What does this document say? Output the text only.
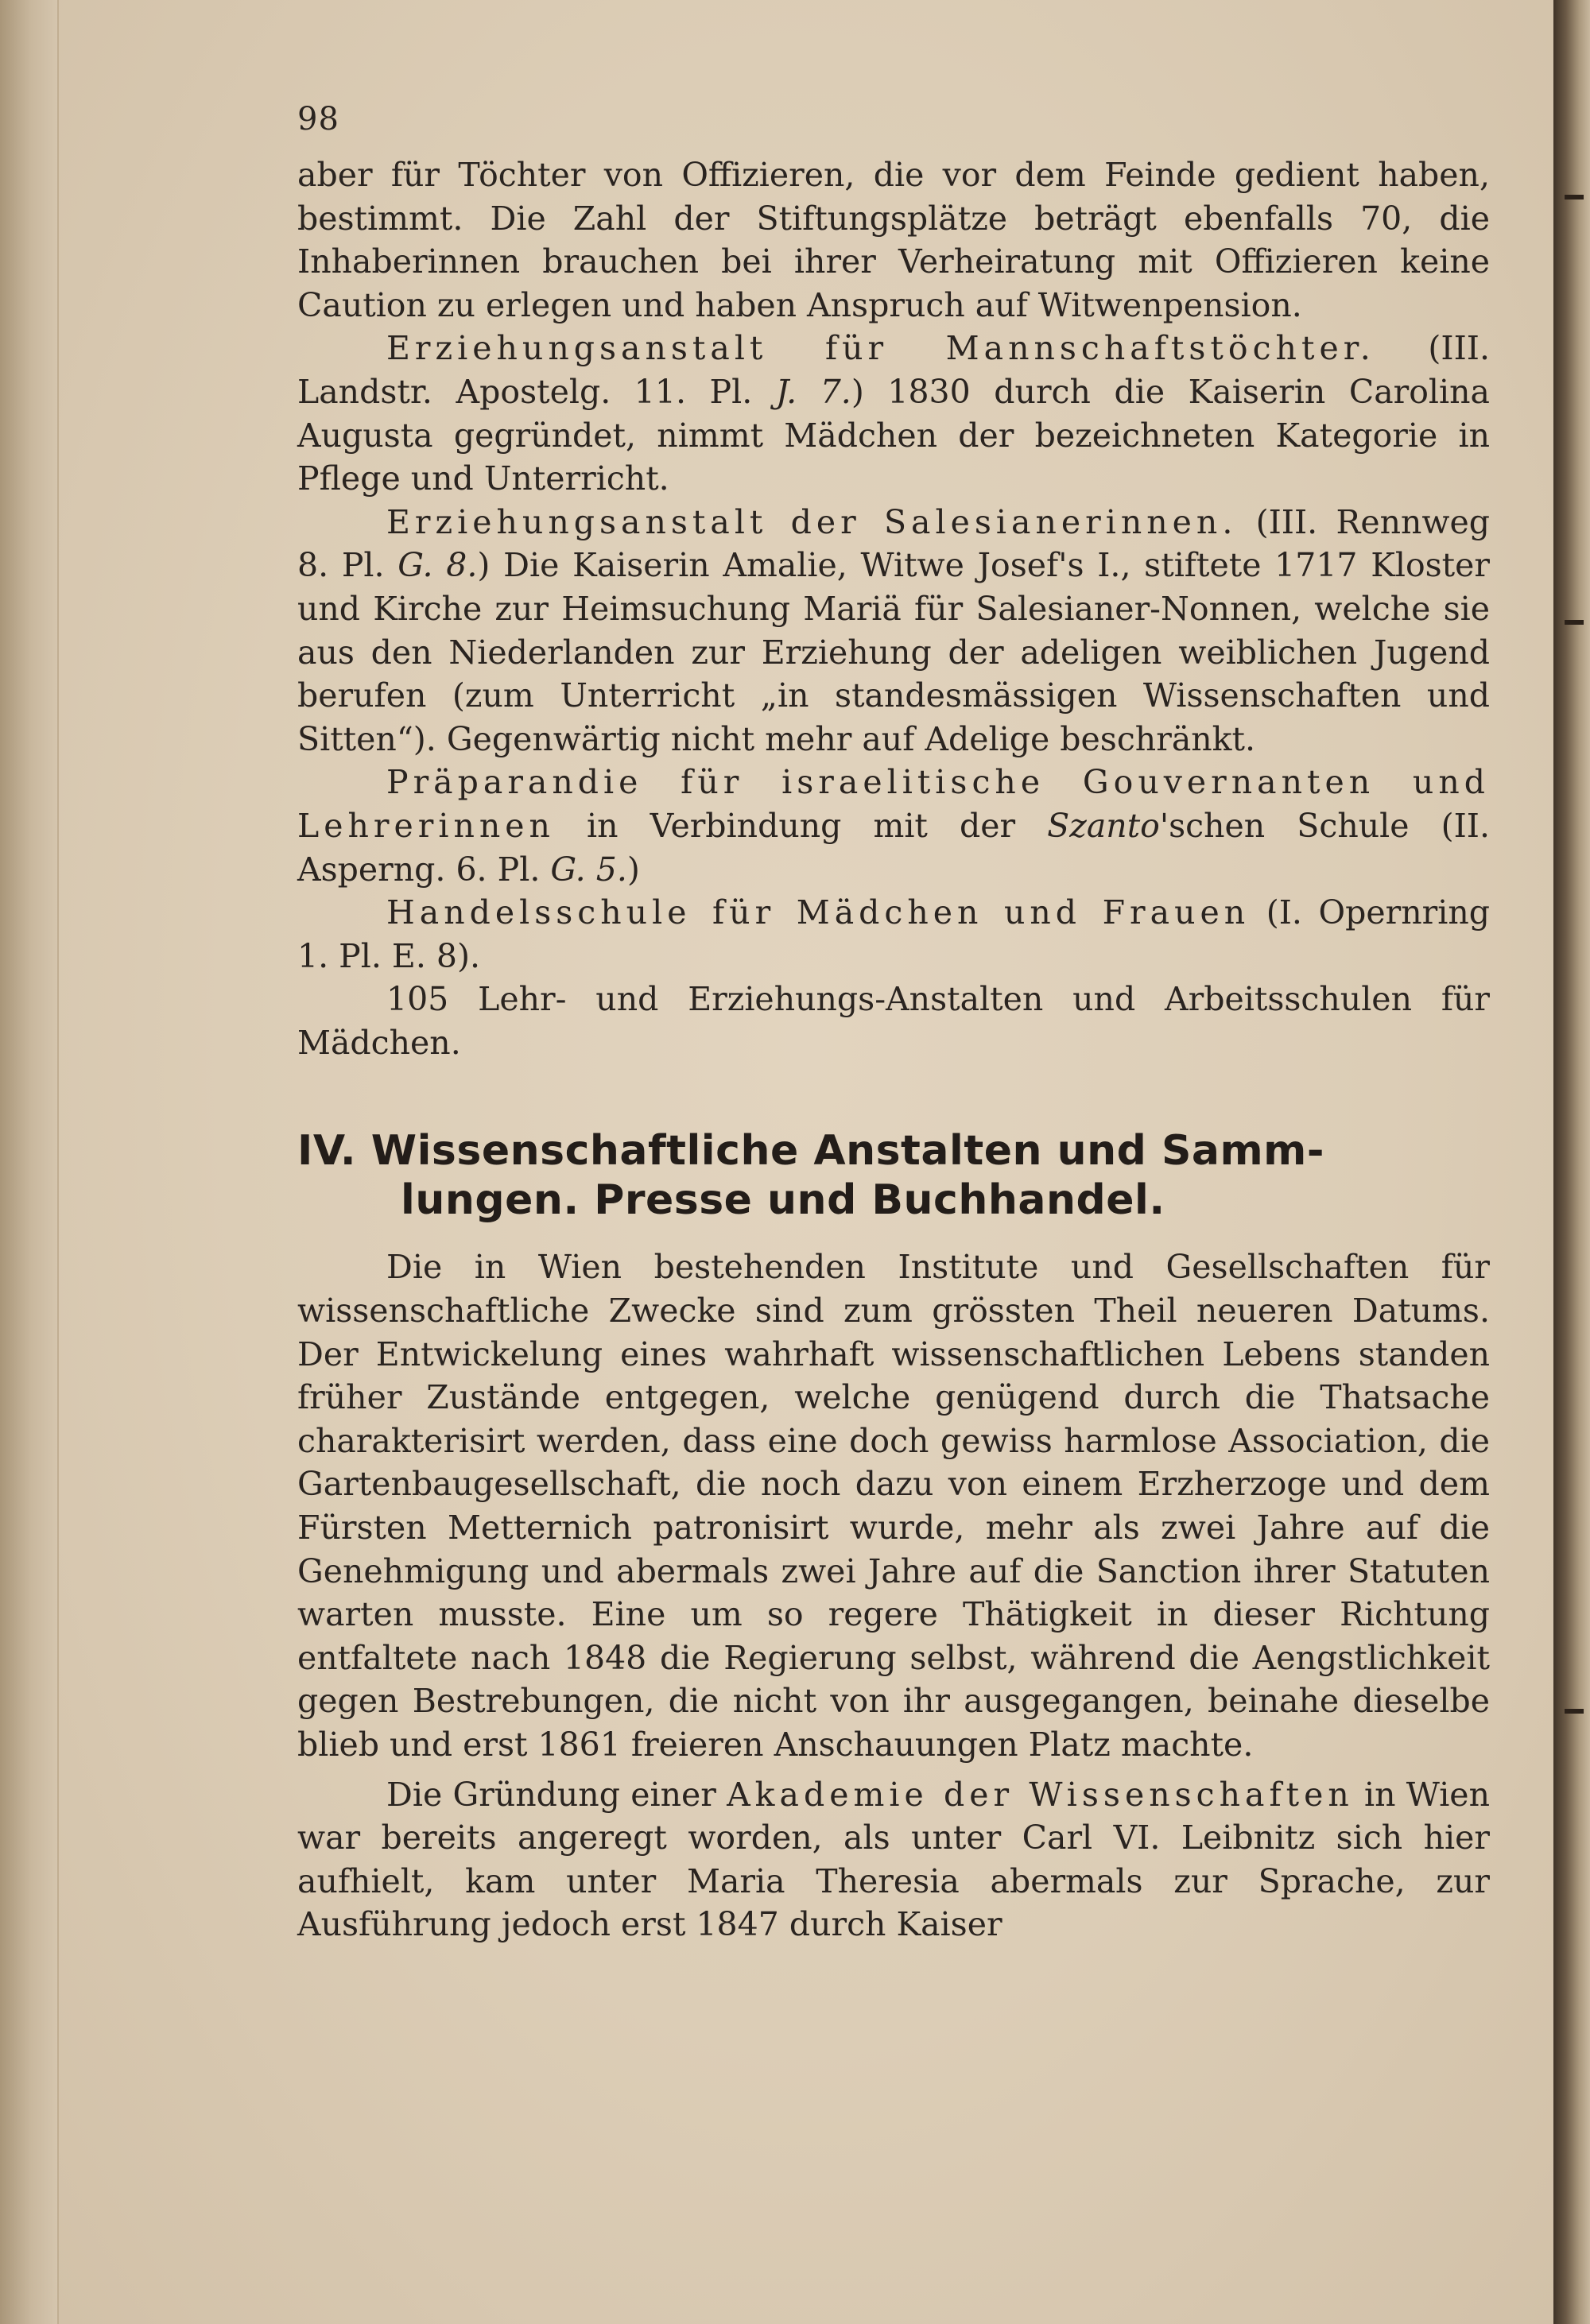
98

aber für Töchter von Offizieren, die vor dem Feinde gedient haben, bestimmt. Die Zahl der Stiftungsplätze beträgt ebenfalls 70, die Inhaberinnen brauchen bei ihrer Verheiratung mit Offizieren keine Caution zu erlegen und haben Anspruch auf Witwenpension.

Erziehungsanstalt für Mannschaftstöchter. (III. Landstr. Apostelg. 11. Pl. J. 7.) 1830 durch die Kaiserin Carolina Augusta gegründet, nimmt Mädchen der bezeichneten Kategorie in Pflege und Unterricht.

Erziehungsanstalt der Salesianerinnen. (III. Rennweg 8. Pl. G. 8.) Die Kaiserin Amalie, Witwe Josef's I., stiftete 1717 Kloster und Kirche zur Heimsuchung Mariä für Salesianer-Nonnen, welche sie aus den Niederlanden zur Erziehung der adeligen weiblichen Jugend berufen (zum Unterricht „in standesmässigen Wissenschaften und Sitten“). Gegenwärtig nicht mehr auf Adelige beschränkt.

Präparandie für israelitische Gouvernanten und Lehrerinnen in Verbindung mit der Szanto'schen Schule (II. Asperng. 6. Pl. G. 5.)

Handelsschule für Mädchen und Frauen (I. Opernring 1. Pl. E. 8).

105 Lehr- und Erziehungs-Anstalten und Arbeitsschulen für Mädchen.

IV. Wissenschaftliche Anstalten und Samm-
lungen. Presse und Buchhandel.

Die in Wien bestehenden Institute und Gesellschaften für wissenschaftliche Zwecke sind zum grössten Theil neueren Datums. Der Entwickelung eines wahrhaft wissenschaftlichen Lebens standen früher Zustände entgegen, welche genügend durch die Thatsache charakterisirt werden, dass eine doch gewiss harmlose Association, die Gartenbaugesellschaft, die noch dazu von einem Erzherzoge und dem Fürsten Metternich patronisirt wurde, mehr als zwei Jahre auf die Genehmigung und abermals zwei Jahre auf die Sanction ihrer Statuten warten musste. Eine um so regere Thätigkeit in dieser Richtung entfaltete nach 1848 die Regierung selbst, während die Aengstlichkeit gegen Bestrebungen, die nicht von ihr ausgegangen, beinahe dieselbe blieb und erst 1861 freieren Anschauungen Platz machte.

Die Gründung einer Akademie der Wissenschaften in Wien war bereits angeregt worden, als unter Carl VI. Leibnitz sich hier aufhielt, kam unter Maria Theresia abermals zur Sprache, zur Ausführung jedoch erst 1847 durch Kaiser
